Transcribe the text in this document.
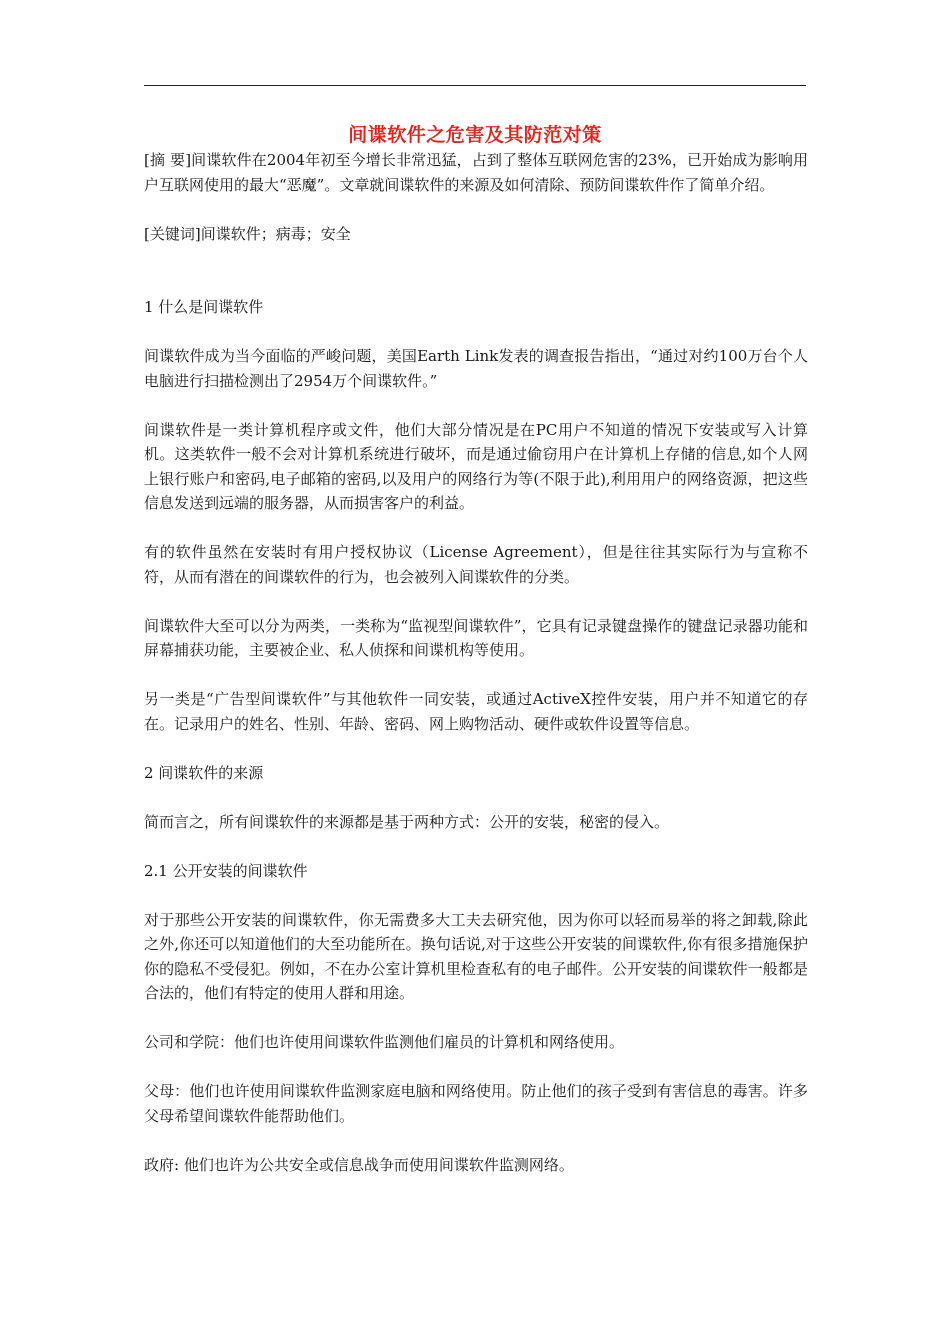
间谍软件之危害及其防范对策

[摘 要]间谍软件在2004年初至今增长非常迅猛，占到了整体互联网危害的23%，已开始成为影响用户互联网使用的最大“恶魔”。文章就间谍软件的来源及如何清除、预防间谍软件作了简单介绍。

[关键词]间谍软件；病毒；安全

1 什么是间谍软件

间谍软件成为当今面临的严峻问题，美国Earth Link发表的调查报告指出，“通过对约100万台个人电脑进行扫描检测出了2954万个间谍软件。”

间谍软件是一类计算机程序或文件，他们大部分情况是在PC用户不知道的情况下安装或写入计算机。这类软件一般不会对计算机系统进行破坏，而是通过偷窃用户在计算机上存储的信息,如个人网上银行账户和密码,电子邮箱的密码,以及用户的网络行为等(不限于此),利用用户的网络资源，把这些信息发送到远端的服务器，从而损害客户的利益。

有的软件虽然在安装时有用户授权协议（License Agreement），但是往往其实际行为与宣称不符，从而有潜在的间谍软件的行为，也会被列入间谍软件的分类。

间谍软件大至可以分为两类，一类称为“监视型间谍软件”，它具有记录键盘操作的键盘记录器功能和屏幕捕获功能，主要被企业、私人侦探和间谍机构等使用。

另一类是“广告型间谍软件”与其他软件一同安装，或通过ActiveX控件安装，用户并不知道它的存在。记录用户的姓名、性别、年龄、密码、网上购物活动、硬件或软件设置等信息。

2 间谍软件的来源

简而言之，所有间谍软件的来源都是基于两种方式：公开的安装，秘密的侵入。

2.1 公开安装的间谍软件

对于那些公开安装的间谍软件，你无需费多大工夫去研究他，因为你可以轻而易举的将之卸载,除此之外,你还可以知道他们的大至功能所在。换句话说,对于这些公开安装的间谍软件,你有很多措施保护你的隐私不受侵犯。例如，不在办公室计算机里检查私有的电子邮件。公开安装的间谍软件一般都是合法的，他们有特定的使用人群和用途。

公司和学院：他们也许使用间谍软件监测他们雇员的计算机和网络使用。

父母：他们也许使用间谍软件监测家庭电脑和网络使用。防止他们的孩子受到有害信息的毒害。许多父母希望间谍软件能帮助他们。

政府: 他们也许为公共安全或信息战争而使用间谍软件监测网络。
